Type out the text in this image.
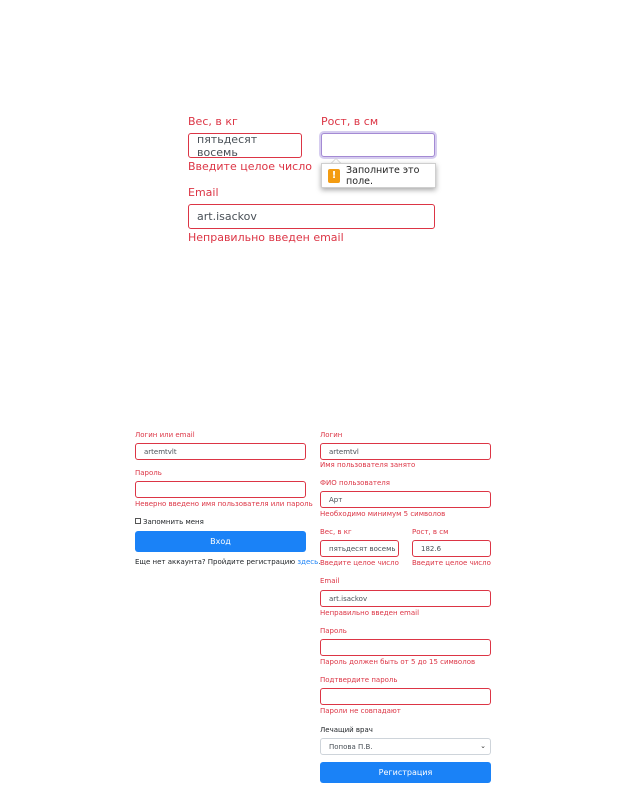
Вес, в кг
пятьдесят восемь
Введите целое число
Рост, в см
!	Заполните это поле.
Email
art.isackov
Неправильно введен email
Логин или email
artemtvlt
Пароль
Неверно введено имя пользователя или пароль
Запомнить меня
Вход
Еще нет аккаунта? Пройдите регистрацию здесь.
Логин
artemtvl
Имя пользователя занято
ФИО пользователя
Арт
Необходимо минимум 5 символов
Вес, в кг
пятьдесят восемь
Введите целое число
Рост, в см
182.6
Введите целое число
Email
art.isackov
Неправильно введен email
Пароль
Пароль должен быть от 5 до 15 символов
Подтвердите пароль
Пароли не совпадают
Лечащий врач
Попова П.В.	⌄
Регистрация
